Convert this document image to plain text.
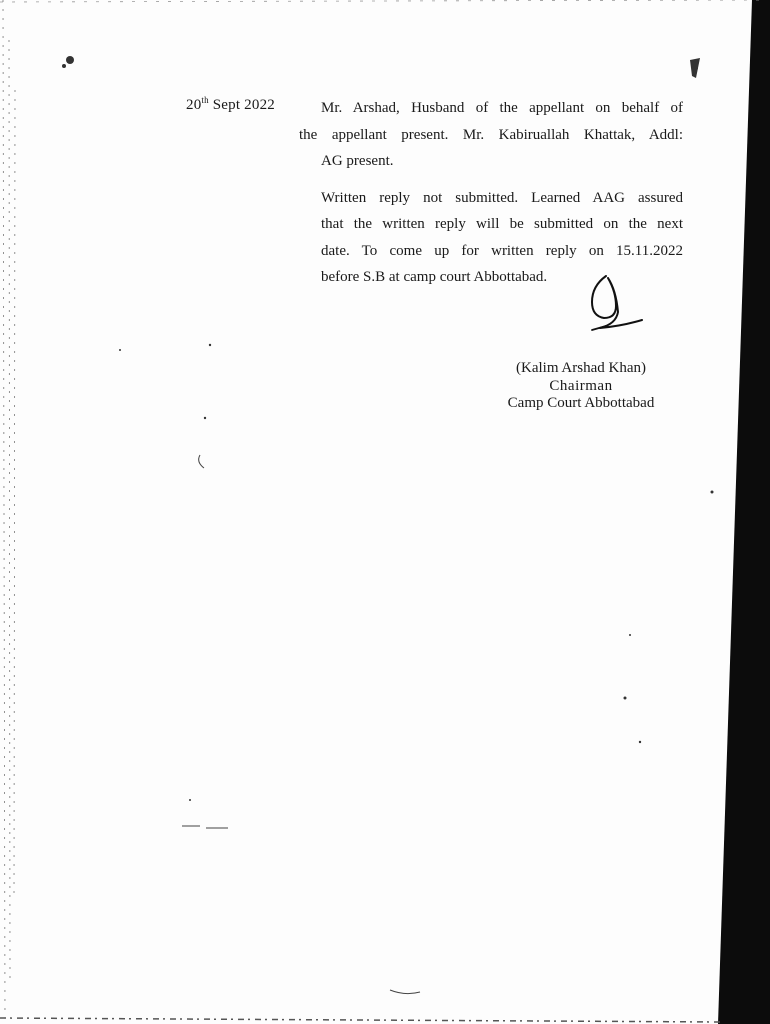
20th Sept 2022	Mr. Arshad, Husband of the appellant on behalf of
the appellant present. Mr. Kabiruallah Khattak, Addl:
AG present.

Written reply not submitted. Learned AAG assured
that the written reply will be submitted on the next
date. To come up for written reply on 15.11.2022
before S.B at camp court Abbottabad.

(Kalim Arshad Khan)
Chairman
Camp Court Abbottabad
